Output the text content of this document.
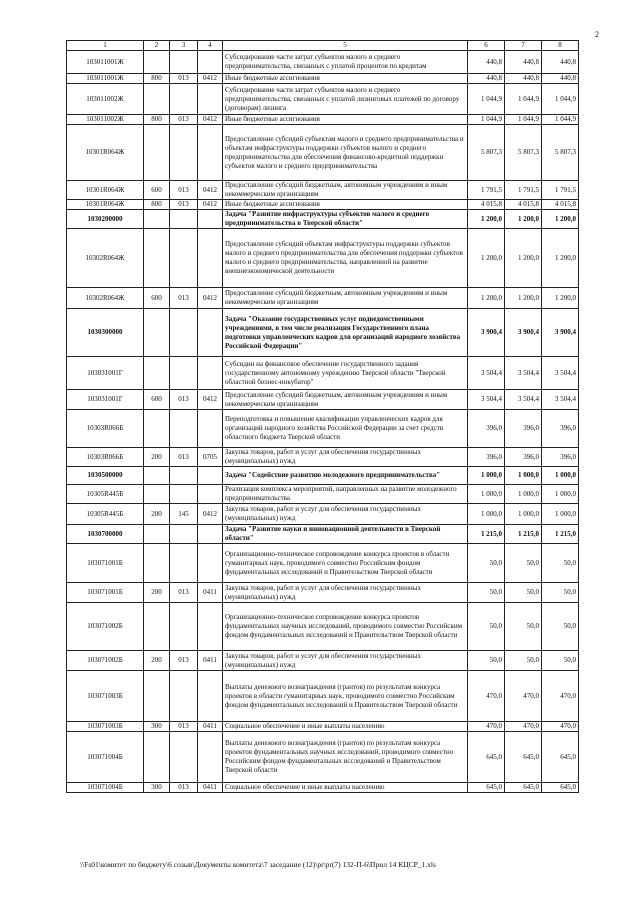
2
1	2	3	4	5	6	7	8
103011001Ж				Субсидирование части затрат субъектов малого и среднего предпринимательства, связанных с уплатой процентов по кредитам	440,8	440,8	440,8
103011001Ж	800	013	0412	Иные бюджетные ассигнования	440,8	440,8	440,8
103011002Ж				Субсидирование части затрат субъектов малого и среднего предпринимательства, связанных с уплатой лизинговых платежей по договору (договорам) лизинга	1 044,9	1 044,9	1 044,9
103011002Ж	800	013	0412	Иные бюджетные ассигнования	1 044,9	1 044,9	1 044,9
10301R064Ж				Предоставление субсидий субъектам малого и среднего предпринимательства и объектам инфраструктуры поддержки субъектов малого и среднего предпринимательства для обеспечения финансово-кредитной поддержки субъектов малого и среднего предпринимательства	5 807,3	5 807,3	5 807,3
10301R064Ж	600	013	0412	Предоставление субсидий бюджетным, автономным учреждениям и иным некоммерческим организациям	1 791,5	1 791,5	1 791,5
10301R064Ж	800	013	0412	Иные бюджетные ассигнования	4 015,8	4 015,8	4 015,8
1030200000				Задача "Развитие инфраструктуры субъектов малого и среднего предпринимательства в Тверской области"	1 200,0	1 200,0	1 200,0
10302R064Ж				Предоставление субсидий объектам инфраструктуры поддержки субъектов малого и среднего предпринимательства для обеспечения поддержки субъектов малого и среднего предпринимательства, направленной на развитие внешнеэкономической деятельности	1 200,0	1 200,0	1 200,0
10302R064Ж	600	013	0412	Предоставление субсидий бюджетным, автономным учреждениям и иным некоммерческим организациям	1 200,0	1 200,0	1 200,0
1030300000				Задача "Оказание государственных услуг подведомственными учреждениями, в том числе реализация Государственного плана подготовки управленческих кадров для организаций народного хозяйства Российской Федерации"	3 900,4	3 900,4	3 900,4
103031001Г				Субсидии на финансовое обеспечение государственного задания государственному автономному учреждению Тверской области "Тверской областной бизнес-инкубатор"	3 504,4	3 504,4	3 504,4
103031001Г	600	013	0412	Предоставление субсидий бюджетным, автономным учреждениям и иным некоммерческим организациям	3 504,4	3 504,4	3 504,4
10303R066Б				Переподготовка и повышение квалификации управленческих кадров для организаций народного хозяйства Российской Федерации за счет средств областного бюджета Тверской области	396,0	396,0	396,0
10303R066Б	200	013	0705	Закупка товаров, работ и услуг для обеспечения государственных (муниципальных) нужд	396,0	396,0	396,0
1030500000				Задача "Содействие развитию молодежного предпринимательства"	1 000,0	1 000,0	1 000,0
10305R445Б				Реализация комплекса мероприятий, направленных на развитие молодежного предпринимательства	1 000,0	1 000,0	1 000,0
10305R445Б	200	145	0412	Закупка товаров, работ и услуг для обеспечения государственных (муниципальных) нужд	1 000,0	1 000,0	1 000,0
1030700000				Задача "Развитие науки и инновационной деятельности в Тверской области"	1 215,0	1 215,0	1 215,0
103071001Б				Организационно-техническое сопровождение конкурса проектов в области гуманитарных наук, проводимого совместно Российским фондом фундаментальных исследований и Правительством Тверской области	50,0	50,0	50,0
103071001Б	200	013	0411	Закупка товаров, работ и услуг для обеспечения государственных (муниципальных) нужд	50,0	50,0	50,0
103071002Б				Организационно-техническое сопровождение конкурса проектов фундаментальных научных исследований, проводимого совместно Российским фондом фундаментальных исследований и Правительством Тверской области	50,0	50,0	50,0
103071002Б	200	013	0411	Закупка товаров, работ и услуг для обеспечения государственных (муниципальных) нужд	50,0	50,0	50,0
103071003Б				Выплаты денежного вознаграждения (грантов) по результатам конкурса проектов в области гуманитарных наук, проводимого совместно Российским фондом фундаментальных исследований и Правительством Тверской области	470,0	470,0	470,0
103071003Б	300	013	0411	Социальное обеспечение и иные выплаты населению	470,0	470,0	470,0
103071004Б				Выплаты денежного вознаграждения (грантов) по результатам конкурса проектов фундаментальных научных исследований, проводимого совместно Российским фондом фундаментальных исследований и Правительством Тверской области	645,0	645,0	645,0
103071004Б	300	013	0411	Социальное обеспечение и иные выплаты населению	645,0	645,0	645,0
\\Fs01\комитет по бюджету\6 созыв\Документы комитета\7 заседание (12)\pr\pr(7) 132-П-6\Прил 14 КЦСР_1.xls
